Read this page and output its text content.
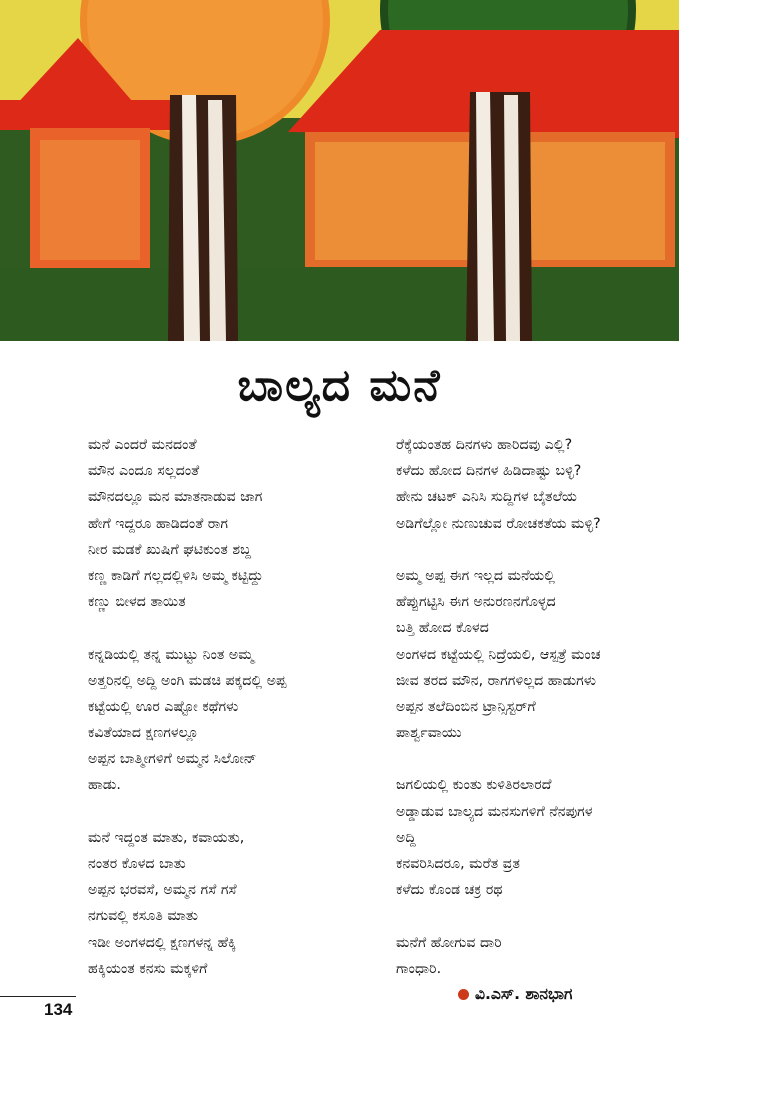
ಬಾಲ್ಯದ ಮನೆ
ಮನೆ ಎಂದರೆ ಮನದಂತೆ
ಮೌನ ಎಂದೂ ಸಲ್ಲದಂತೆ
ಮೌನದಲ್ಲೂ ಮನ ಮಾತನಾಡುವ ಜಾಗ
ಹೇಗೆ ಇದ್ದರೂ ಹಾಡಿದಂತೆ ರಾಗ
ನೀರ ಮಡಕೆ ಖುಷಿಗೆ ಘಟಿಕುಂತ ಶಬ್ದ
ಕಣ್ಣ ಕಾಡಿಗೆ ಗಲ್ಲದಲ್ಲಿಳಿಸಿ ಅಮ್ಮ ಕಟ್ಟಿದ್ದು
ಕಣ್ಣು ಬೀಳದ ತಾಯಿತ
ಕನ್ನಡಿಯಲ್ಲಿ ತನ್ನ ಮುಟ್ಟು ನಿಂತ ಅಮ್ಮ
ಅತ್ತರಿನಲ್ಲಿ ಅದ್ದಿ ಅಂಗಿ ಮಡಚಿ ಪಕ್ಕದಲ್ಲಿ ಅಪ್ಪ
ಕಟ್ಟೆಯಲ್ಲಿ ಊರ ಎಷ್ಟೋ ಕಥೆಗಳು
ಕವಿತೆಯಾದ ಕ್ಷಣಗಳಲ್ಲೂ
ಅಪ್ಪನ ಬಾತ್ಮೀಗಳಿಗೆ ಅಮ್ಮನ ಸಿಲೋನ್
ಹಾಡು.
ಮನೆ ಇದ್ದಂತ ಮಾತು, ಕವಾಯತು,
ನಂತರ ಕೊಳದ ಬಾತು
ಅಪ್ಪನ ಭರವಸೆ, ಅಮ್ಮನ ಗಸೆ ಗಸೆ
ನಗುವಲ್ಲಿ ಕಸೂತಿ ಮಾತು
ಇಡೀ ಅಂಗಳದಲ್ಲಿ ಕ್ಷಣಗಳನ್ನ ಹೆಕ್ಕಿ
ಹಕ್ಕಿಯಂತ ಕನಸು ಮಕ್ಕಳಿಗೆ
ರೆಕ್ಕೆಯಂತಹ ದಿನಗಳು ಹಾರಿದವು ಎಲ್ಲಿ?
ಕಳೆದು ಹೋದ ದಿನಗಳ ಹಿಡಿದಾಷ್ಟು ಬಳ್ಳಿ?
ಹೇನು ಚಟಕ್ ಎನಿಸಿ ಸುದ್ದಿಗಳ ಬೈತಲೆಯ
ಅಡಿಗೆಲ್ಲೋ ನುಣುಚುವ ರೋಚಕತೆಯ ಮಳ್ಳಿ?
ಅಮ್ಮ ಅಪ್ಪ ಈಗ ಇಲ್ಲದ ಮನೆಯಲ್ಲಿ
ಹೆಪ್ಪುಗಟ್ಟಿಸಿ ಈಗ ಅನುರಣನಗೊಳ್ಳದ
ಬತ್ತಿ ಹೋದ ಕೊಳದ
ಅಂಗಳದ ಕಟ್ಟೆಯಲ್ಲಿ ನಿದ್ರೆಯಲಿ, ಆಸ್ಪತ್ರೆ ಮಂಚ
ಜೀವ ತರದ ಮೌನ, ರಾಗಗಳಿಲ್ಲದ ಹಾಡುಗಳು
ಅಪ್ಪನ ತಲೆದಿಂಬಿನ ಟ್ರಾನ್ಸಿಸ್ಟರ್‌ಗೆ
ಪಾರ್ಶ್ವವಾಯು
ಜಗಲಿಯಲ್ಲಿ ಕುಂತು ಕುಳಿತಿರಲಾರದೆ
ಅಡ್ಡಾಡುವ ಬಾಲ್ಯದ ಮನಸುಗಳಿಗೆ ನೆನಪುಗಳ
ಅದ್ದಿ
ಕನವರಿಸಿದರೂ, ಮರೆತ ವ್ರತ
ಕಳೆದು ಕೊಂಡ ಚಕ್ರ ರಥ
ಮನೆಗೆ ಹೋಗುವ ದಾರಿ
ಗಾಂಧಾರಿ.
ವಿ.ಎಸ್. ಶಾನಭಾಗ
134
